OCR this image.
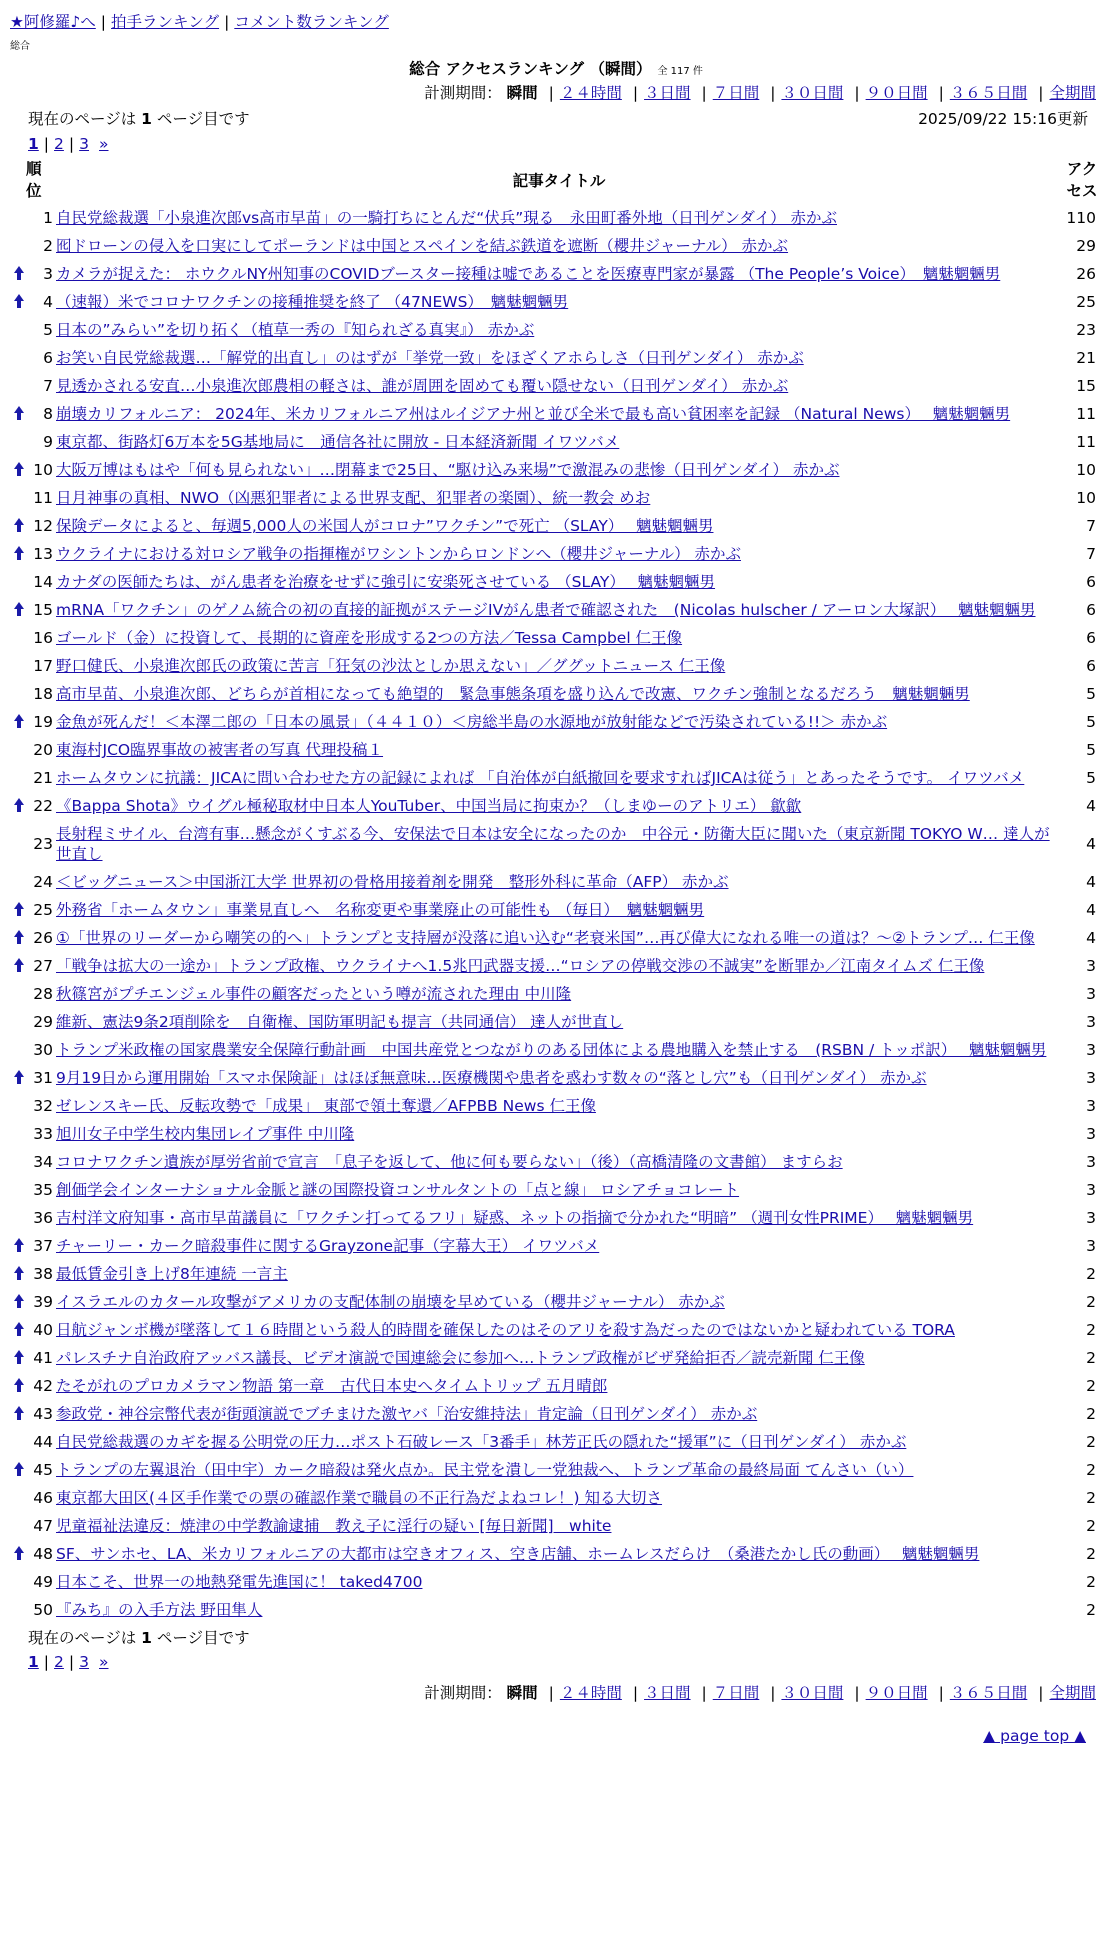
★阿修羅♪へ | 拍手ランキング | コメント数ランキング
総合
総合 アクセスランキング （瞬間） 全 117 件
計測期間： 瞬間 | ２４時間 | ３日間 | ７日間 | ３０日間 | ９０日間 | ３６５日間 | 全期間
現在のページは 1 ページ目です	2025/09/22 15:16更新
1 | 2 | 3 »
順位		記事タイトル	アクセス

	1	自民党総裁選「小泉進次郎vs高市早苗」の一騎打ちにとんだ“伏兵”現る　永田町番外地（日刊ゲンダイ） 赤かぶ	110
	2	囮ドローンの侵入を口実にしてポーランドは中国とスペインを結ぶ鉄道を遮断（櫻井ジャーナル） 赤かぶ	29
	3	カメラが捉えた： ホウクルNY州知事のCOVIDブースター接種は嘘であることを医療専門家が暴露 （The People’s Voice）　魑魅魍魎男	26
	4	（速報）米でコロナワクチンの接種推奨を終了 （47NEWS）　魑魅魍魎男	25
	5	日本の”みらい”を切り拓く（植草一秀の『知られざる真実』） 赤かぶ	23
	6	お笑い自民党総裁選…「解党的出直し」のはずが「挙党一致」をほざくアホらしさ（日刊ゲンダイ） 赤かぶ	21
	7	見透かされる安直…小泉進次郎農相の軽さは、誰が周囲を固めても覆い隠せない（日刊ゲンダイ） 赤かぶ	15
	8	崩壊カリフォルニア： 2024年、米カリフォルニア州はルイジアナ州と並び全米で最も高い貧困率を記録 （Natural News）　 魑魅魍魎男	11
	9	東京都、街路灯6万本を5G基地局に　通信各社に開放 - 日本経済新聞 イワツバメ	11
	10	大阪万博はもはや「何も見られない」…閉幕まで25日、“駆け込み来場”で激混みの悲惨（日刊ゲンダイ） 赤かぶ	10
	11	日月神事の真相、NWO（凶悪犯罪者による世界支配、犯罪者の楽園）、統一教会 めお	10
	12	保険データによると、毎週5,000人の米国人がコロナ”ワクチン”で死亡 （SLAY）　 魑魅魍魎男	7
	13	ウクライナにおける対ロシア戦争の指揮権がワシントンからロンドンへ（櫻井ジャーナル） 赤かぶ	7
	14	カナダの医師たちは、がん患者を治療をせずに強引に安楽死させている （SLAY）　 魑魅魍魎男	6
	15	mRNA「ワクチン」のゲノム統合の初の直接的証拠がステージIVがん患者で確認された　(Nicolas hulscher / アーロン大塚訳）　 魑魅魍魎男	6
	16	ゴールド（金）に投資して、長期的に資産を形成する2つの方法／Tessa Campbel 仁王像	6
	17	野口健氏、小泉進次郎氏の政策に苦言「狂気の沙汰としか思えない」／ググットニュース 仁王像	6
	18	高市早苗、小泉進次郎、どちらが首相になっても絶望的　緊急事態条項を盛り込んで改憲、ワクチン強制となるだろう　魑魅魍魎男	5
	19	金魚が死んだ！＜本澤二郎の「日本の風景」（４４１０）＜房総半島の水源地が放射能などで汚染されている!!＞ 赤かぶ	5
	20	東海村JCO臨界事故の被害者の写真 代理投稿１	5
	21	ホームタウンに抗議：JICAに問い合わせた方の記録によれば 「自治体が白紙撤回を要求すればJICAは従う」とあったそうです。 イワツバメ	5
	22	《Bappa Shota》ウイグル極秘取材中日本人YouTuber、中国当局に拘束か？（しまゆーのアトリエ） 歙歙	4
	23	長射程ミサイル、台湾有事…懸念がくすぶる今、安保法で日本は安全になったのか　中谷元・防衛大臣に聞いた（東京新聞 TOKYO W… 達人が世直し	4
	24	＜ビッグニュース＞中国浙江大学 世界初の骨格用接着剤を開発　整形外科に革命（AFP） 赤かぶ	4
	25	外務省「ホームタウン」事業見直しへ　名称変更や事業廃止の可能性も （毎日）　魑魅魍魎男	4
	26	①「世界のリーダーから嘲笑の的へ」トランプと支持層が没落に追い込む“老衰米国”…再び偉大になれる唯一の道は？～②トランプ… 仁王像	4
	27	「戦争は拡大の一途か」トランプ政権、ウクライナへ1.5兆円武器支援…“ロシアの停戦交渉の不誠実”を断罪か／江南タイムズ 仁王像	3
	28	秋篠宮がプチエンジェル事件の顧客だったという噂が流された理由 中川隆	3
	29	維新、憲法9条2項削除を　自衛権、国防軍明記も提言（共同通信） 達人が世直し	3
	30	トランプ米政権の国家農業安全保障行動計画　中国共産党とつながりのある団体による農地購入を禁止する　(RSBN / トッポ訳）　 魑魅魍魎男	3
	31	9月19日から運用開始「スマホ保険証」はほぼ無意味…医療機関や患者を惑わす数々の“落とし穴”も（日刊ゲンダイ） 赤かぶ	3
	32	ゼレンスキー氏、反転攻勢で「成果」 東部で領土奪還／AFPBB News 仁王像	3
	33	旭川女子中学生校内集団レイプ事件 中川隆	3
	34	コロナワクチン遺族が厚労省前で宣言　「息子を返して、他に何も要らない」（後）（高橋清隆の文書館） ますらお	3
	35	創価学会インターナショナル金脈と謎の国際投資コンサルタントの「点と線」 ロシアチョコレート	3
	36	吉村洋文府知事・高市早苗議員に「ワクチン打ってるフリ」疑惑、ネットの指摘で分かれた“明暗” （週刊女性PRIME）　 魑魅魍魎男	3
	37	チャーリー・カーク暗殺事件に関するGrayzone記事（字幕大王） イワツバメ	3
	38	最低賃金引き上げ8年連続 一言主	2
	39	イスラエルのカタール攻撃がアメリカの支配体制の崩壊を早めている（櫻井ジャーナル） 赤かぶ	2
	40	日航ジャンボ機が墜落して１６時間という殺人的時間を確保したのはそのアリを殺す為だったのではないかと疑われている TORA	2
	41	パレスチナ自治政府アッバス議長、ビデオ演説で国連総会に参加へ…トランプ政権がビザ発給拒否／読売新聞 仁王像	2
	42	たそがれのプロカメラマン物語 第一章　古代日本史へタイムトリップ 五月晴郎	2
	43	参政党・神谷宗幣代表が街頭演説でブチまけた激ヤバ「治安維持法」肯定論（日刊ゲンダイ） 赤かぶ	2
	44	自民党総裁選のカギを握る公明党の圧力…ポスト石破レース「3番手」林芳正氏の隠れた“援軍”に（日刊ゲンダイ） 赤かぶ	2
	45	トランプの左翼退治（田中宇）カーク暗殺は発火点か。民主党を潰し一党独裁へ、トランプ革命の最終局面 てんさい（い）	2
	46	東京都大田区(４区手作業での票の確認作業で職員の不正行為だよねコレ！) 知る大切さ	2
	47	児童福祉法違反：焼津の中学教諭逮捕　教え子に淫行の疑い [毎日新聞]　white	2
	48	SF、サンホセ、LA、米カリフォルニアの大都市は空きオフィス、空き店舗、ホームレスだらけ　（桑港たかし氏の動画）　 魑魅魍魎男	2
	49	日本こそ、世界一の地熱発電先進国に！ taked4700	2
	50	『みち』の入手方法 野田隼人	2
現在のページは 1 ページ目です
1 | 2 | 3 »
計測期間： 瞬間 | ２４時間 | ３日間 | ７日間 | ３０日間 | ９０日間 | ３６５日間 | 全期間
▲ page top ▲
